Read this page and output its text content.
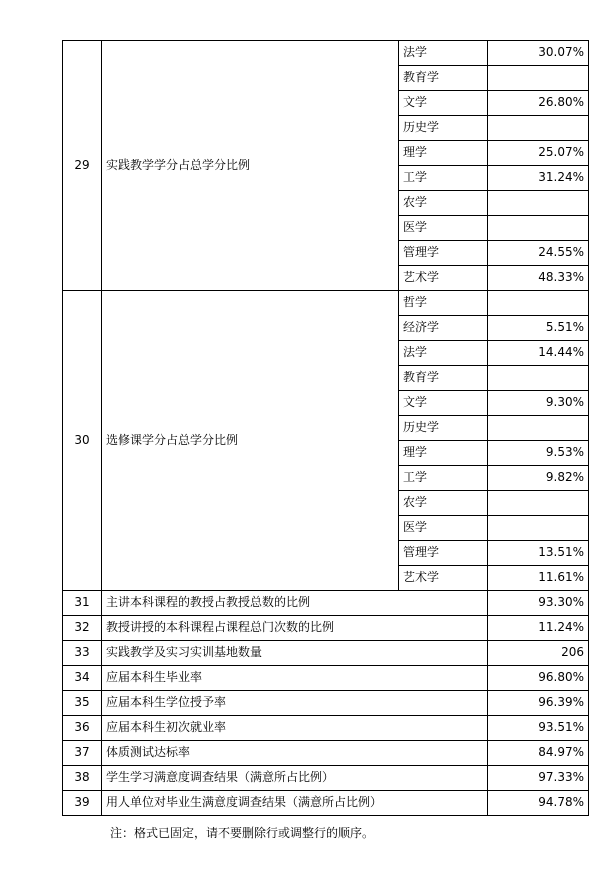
29	实践教学学分占总学分比例	法学	30.07%
		教育学	
		文学	26.80%
		历史学	
		理学	25.07%
		工学	31.24%
		农学	
		医学	
		管理学	24.55%
		艺术学	48.33%
30	选修课学分占总学分比例	哲学	
		经济学	5.51%
		法学	14.44%
		教育学	
		文学	9.30%
		历史学	
		理学	9.53%
		工学	9.82%
		农学	
		医学	
		管理学	13.51%
		艺术学	11.61%
31	主讲本科课程的教授占教授总数的比例		93.30%
32	教授讲授的本科课程占课程总门次数的比例		11.24%
33	实践教学及实习实训基地数量		206
34	应届本科生毕业率		96.80%
35	应届本科生学位授予率		96.39%
36	应届本科生初次就业率		93.51%
37	体质测试达标率		84.97%
38	学生学习满意度调查结果（满意所占比例）		97.33%
39	用人单位对毕业生满意度调查结果（满意所占比例）		94.78%
注：格式已固定，请不要删除行或调整行的顺序。
